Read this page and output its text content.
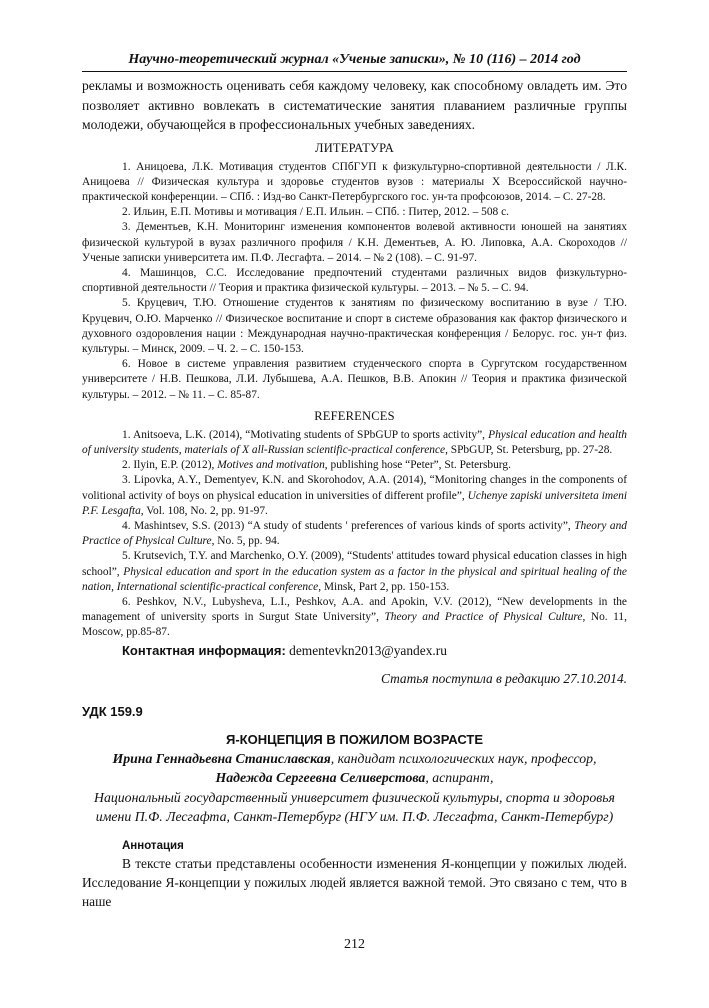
Научно-теоретический журнал «Ученые записки», № 10 (116) – 2014 год

рекламы и возможность оценивать себя каждому человеку, как способному овладеть им. Это позволяет активно вовлекать в систематические занятия плаванием различные группы молодежи, обучающейся в профессиональных учебных заведениях.

ЛИТЕРАТУРА

1. Аницоева, Л.К. Мотивация студентов СПбГУП к физкультурно-спортивной деятельности / Л.К. Аницоева // Физическая культура и здоровье студентов вузов : материалы X Всероссийской научно-практической конференции. – СПб. : Изд-во Санкт-Петербургского гос. ун-та профсоюзов, 2014. – С. 27-28.

2. Ильин, Е.П. Мотивы и мотивация / Е.П. Ильин. – СПб. : Питер, 2012. – 508 с.

3. Дементьев, К.Н. Мониторинг изменения компонентов волевой активности юношей на занятиях физической культурой в вузах различного профиля / К.Н. Дементьев, А. Ю. Липовка, А.А. Скороходов // Ученые записки университета им. П.Ф. Лесгафта. – 2014. – № 2 (108). – С. 91-97.

4. Машинцов, С.С. Исследование предпочтений студентами различных видов физкультурно-спортивной деятельности // Теория и практика физической культуры. – 2013. – № 5. – С. 94.

5. Круцевич, Т.Ю. Отношение студентов к занятиям по физическому воспитанию в вузе / Т.Ю. Круцевич, О.Ю. Марченко // Физическое воспитание и спорт в системе образования как фактор физического и духовного оздоровления нации : Международная научно-практическая конференция / Белорус. гос. ун-т физ. культуры. – Минск, 2009. – Ч. 2. – С. 150-153.

6. Новое в системе управления развитием студенческого спорта в Сургутском государственном университете / Н.В. Пешкова, Л.И. Лубышева, А.А. Пешков, В.В. Апокин // Теория и практика физической культуры. – 2012. – № 11. – С. 85-87.

REFERENCES

1. Anitsoeva, L.K. (2014), “Motivating students of SPbGUP to sports activity”, Physical education and health of university students, materials of X all-Russian scientific-practical conference, SPbGUP, St. Petersburg, pp. 27-28.

2. Ilyin, E.P. (2012), Motives and motivation, publishing hose “Peter”, St. Petersburg.

3. Lipovka, A.Y., Dementyev, K.N. and Skorohodov, A.A. (2014), “Monitoring changes in the components of volitional activity of boys on physical education in universities of different profile”, Uchenye zapiski universiteta imeni P.F. Lesgafta, Vol. 108, No. 2, pp. 91-97.

4. Mashintsev, S.S. (2013) “A study of students ' preferences of various kinds of sports activity”, Theory and Practice of Physical Culture, No. 5, pp. 94.

5. Krutsevich, T.Y. and Marchenko, O.Y. (2009), “Students' attitudes toward physical education classes in high school”, Physical education and sport in the education system as a factor in the physical and spiritual healing of the nation, International scientific-practical conference, Minsk, Part 2, pp. 150-153.

6. Peshkov, N.V., Lubysheva, L.I., Peshkov, A.A. and Apokin, V.V. (2012), “New developments in the management of university sports in Surgut State University”, Theory and Practice of Physical Culture, No. 11, Moscow, pp.85-87.

Контактная информация: dementevkn2013@yandex.ru

Статья поступила в редакцию 27.10.2014.

УДК 159.9

Я-КОНЦЕПЦИЯ В ПОЖИЛОМ ВОЗРАСТЕ

Ирина Геннадьевна Станиславская, кандидат психологических наук, профессор,

Надежда Сергеевна Селиверстова, аспирант,

Национальный государственный университет физической культуры, спорта и здоровья имени П.Ф. Лесгафта, Санкт-Петербург (НГУ им. П.Ф. Лесгафта, Санкт-Петербург)

Аннотация

В тексте статьи представлены особенности изменения Я-концепции у пожилых людей. Исследование Я-концепции у пожилых людей является важной темой. Это связано с тем, что в наше

212
